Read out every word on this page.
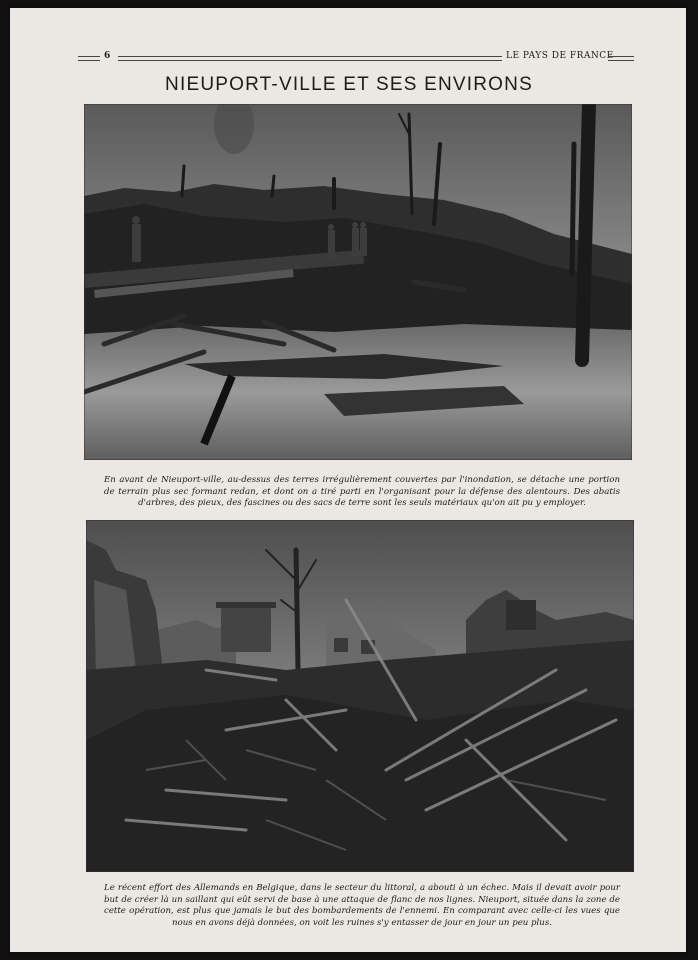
6	LE PAYS DE FRANCE
NIEUPORT-VILLE ET SES ENVIRONS
En avant de Nieuport-ville, au-dessus des terres irrégulièrement couvertes par l'inondation, se détache une portion de terrain plus sec formant redan, et dont on a tiré parti en l'organisant pour la défense des alentours. Des abatis d'arbres, des pieux, des fascines ou des sacs de terre sont les seuls matériaux qu'on ait pu y employer.
Le récent effort des Allemands en Belgique, dans le secteur du littoral, a abouti à un échec. Mais il devait avoir pour but de créer là un saillant qui eût servi de base à une attaque de flanc de nos lignes. Nieuport, située dans la zone de cette opération, est plus que jamais le but des bombardements de l'ennemi. En comparant avec celle-ci les vues que nous en avons déjà données, on voit les ruines s'y entasser de jour en jour un peu plus.
